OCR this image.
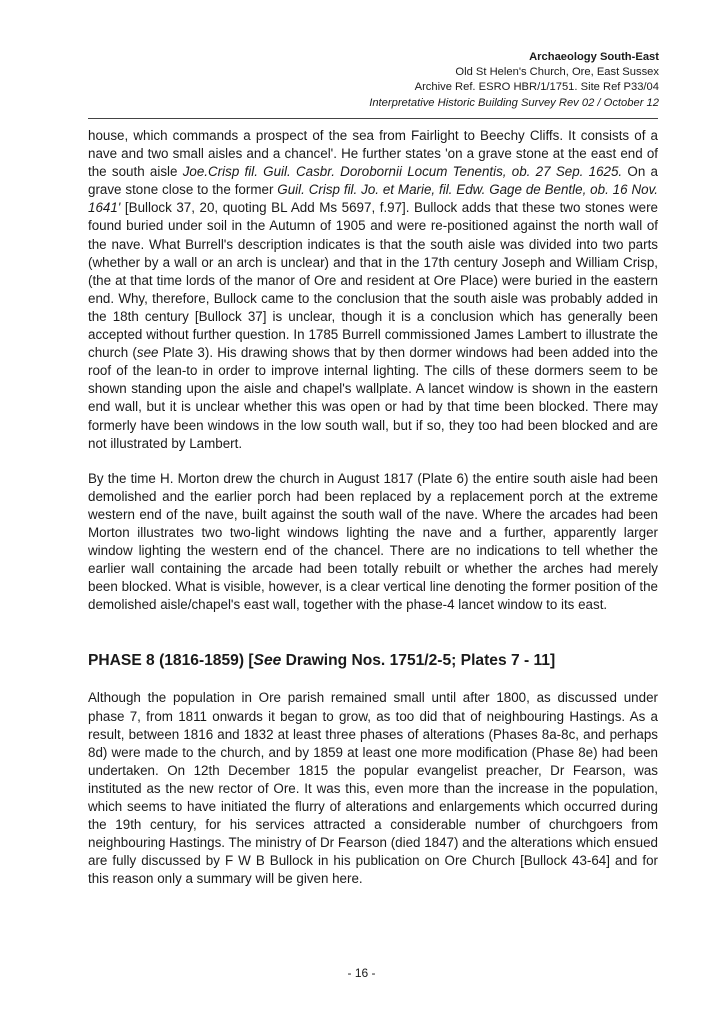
Archaeology South-East
Old St Helen's Church, Ore, East Sussex
Archive Ref. ESRO HBR/1/1751. Site Ref P33/04
Interpretative Historic Building Survey Rev 02 / October 12

house, which commands a prospect of the sea from Fairlight to Beechy Cliffs. It consists of a nave and two small aisles and a chancel'. He further states 'on a grave stone at the east end of the south aisle Joe.Crisp fil. Guil. Casbr. Dorobornii Locum Tenentis, ob. 27 Sep. 1625. On a grave stone close to the former Guil. Crisp fil. Jo. et Marie, fil. Edw. Gage de Bentle, ob. 16 Nov. 1641' [Bullock 37, 20, quoting BL Add Ms 5697, f.97]. Bullock adds that these two stones were found buried under soil in the Autumn of 1905 and were re-positioned against the north wall of the nave. What Burrell's description indicates is that the south aisle was divided into two parts (whether by a wall or an arch is unclear) and that in the 17th century Joseph and William Crisp, (the at that time lords of the manor of Ore and resident at Ore Place) were buried in the eastern end. Why, therefore, Bullock came to the conclusion that the south aisle was probably added in the 18th century [Bullock 37] is unclear, though it is a conclusion which has generally been accepted without further question. In 1785 Burrell commissioned James Lambert to illustrate the church (see Plate 3). His drawing shows that by then dormer windows had been added into the roof of the lean-to in order to improve internal lighting. The cills of these dormers seem to be shown standing upon the aisle and chapel's wallplate. A lancet window is shown in the eastern end wall, but it is unclear whether this was open or had by that time been blocked. There may formerly have been windows in the low south wall, but if so, they too had been blocked and are not illustrated by Lambert.

By the time H. Morton drew the church in August 1817 (Plate 6) the entire south aisle had been demolished and the earlier porch had been replaced by a replacement porch at the extreme western end of the nave, built against the south wall of the nave. Where the arcades had been Morton illustrates two two-light windows lighting the nave and a further, apparently larger window lighting the western end of the chancel. There are no indications to tell whether the earlier wall containing the arcade had been totally rebuilt or whether the arches had merely been blocked. What is visible, however, is a clear vertical line denoting the former position of the demolished aisle/chapel's east wall, together with the phase-4 lancet window to its east.

PHASE 8 (1816-1859) [See Drawing Nos. 1751/2-5; Plates 7 - 11]

Although the population in Ore parish remained small until after 1800, as discussed under phase 7, from 1811 onwards it began to grow, as too did that of neighbouring Hastings. As a result, between 1816 and 1832 at least three phases of alterations (Phases 8a-8c, and perhaps 8d) were made to the church, and by 1859 at least one more modification (Phase 8e) had been undertaken. On 12th December 1815 the popular evangelist preacher, Dr Fearson, was instituted as the new rector of Ore. It was this, even more than the increase in the population, which seems to have initiated the flurry of alterations and enlargements which occurred during the 19th century, for his services attracted a considerable number of churchgoers from neighbouring Hastings. The ministry of Dr Fearson (died 1847) and the alterations which ensued are fully discussed by F W B Bullock in his publication on Ore Church [Bullock 43-64] and for this reason only a summary will be given here.

- 16 -
